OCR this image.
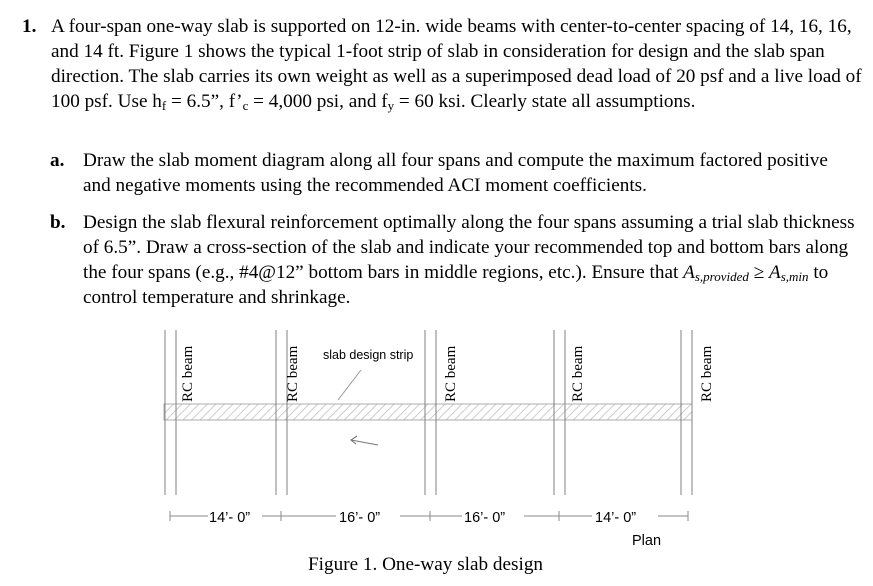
1. A four-span one-way slab is supported on 12-in. wide beams with center-to-center spacing of 14, 16, 16, and 14 ft. Figure 1 shows the typical 1-foot strip of slab in consideration for design and the slab span direction. The slab carries its own weight as well as a superimposed dead load of 20 psf and a live load of 100 psf. Use $h_f = 6.5$”, $f’_c = 4,000$ psi, and $f_y = 60$ ksi. Clearly state all assumptions.
a. Draw the slab moment diagram along all four spans and compute the maximum factored positive and negative moments using the recommended ACI moment coefficients.
b. Design the slab flexural reinforcement optimally along the four spans assuming a trial slab thickness of 6.5”. Draw a cross-section of the slab and indicate your recommended top and bottom bars along the four spans (e.g., #4@12” bottom bars in middle regions, etc.). Ensure that $A_{s,provided} \ge A_{s,min}$ to control temperature and shrinkage.
RC beam	RC beam	RC beam	RC beam	RC beam
slab design strip
14’- 0”	16’- 0”	16’- 0”	14’- 0”
Plan
Figure 1. One-way slab design
